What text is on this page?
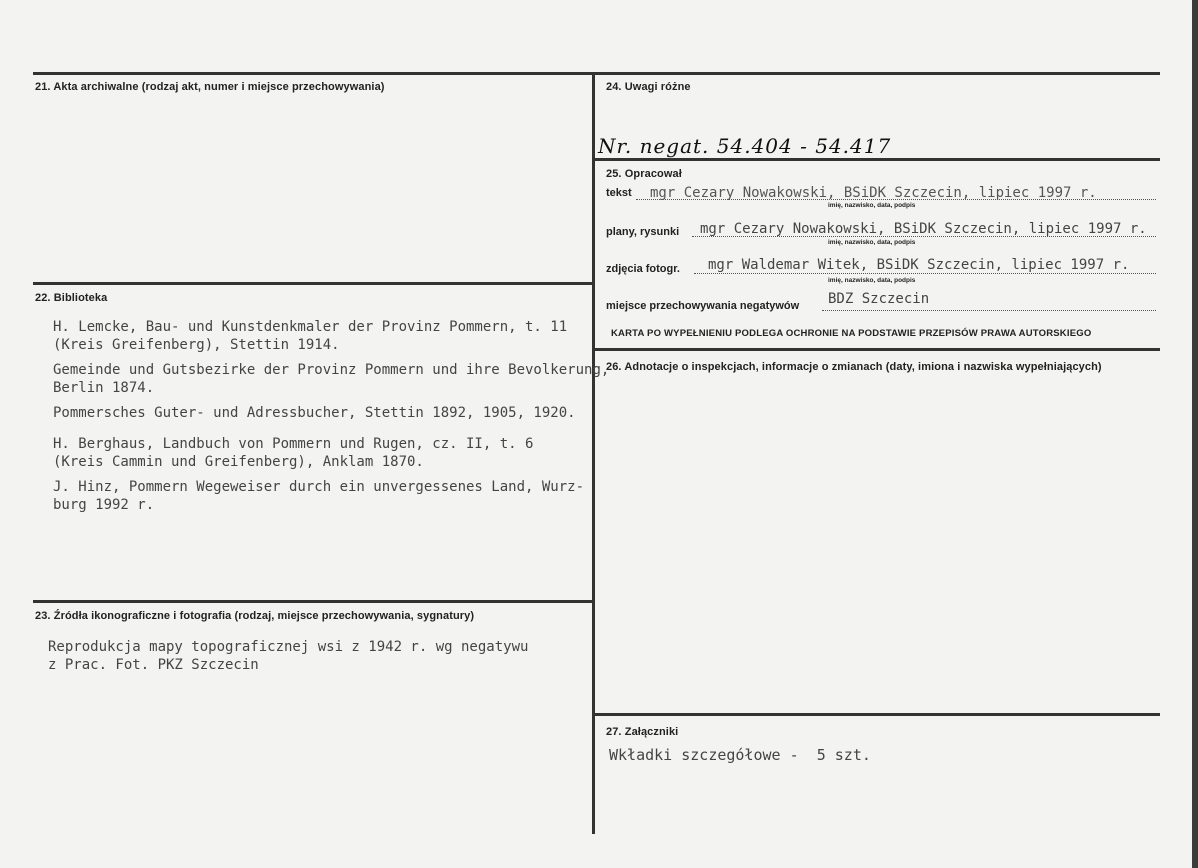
21. Akta archiwalne (rodzaj akt, numer i miejsce przechowywania)
22. Biblioteka
H. Lemcke, Bau- und Kunstdenkmaler der Provinz Pommern, t. 11
(Kreis Greifenberg), Stettin 1914.
Gemeinde und Gutsbezirke der Provinz Pommern und ihre Bevolkerung,
Berlin 1874.
Pommersches Guter- und Adressbucher, Stettin 1892, 1905, 1920.
H. Berghaus, Landbuch von Pommern und Rugen, cz. II, t. 6
(Kreis Cammin und Greifenberg), Anklam 1870.
J. Hinz, Pommern Wegeweiser durch ein unvergessenes Land, Wurz-
burg 1992 r.
23. Źródła ikonograficzne i fotografia (rodzaj, miejsce przechowywania, sygnatury)
Reprodukcja mapy topograficznej wsi z 1942 r. wg negatywu
z Prac. Fot. PKZ Szczecin
24. Uwagi różne
Nr. negat. 54.404 - 54.417
25. Opracował
tekst mgr Cezary Nowakowski, BSiDK Szczecin, lipiec 1997 r.
imię, nazwisko, data, podpis
plany, rysunki mgr Cezary Nowakowski, BSiDK Szczecin, lipiec 1997 r.
imię, nazwisko, data, podpis
zdjęcia fotogr. mgr Waldemar Witek, BSiDK Szczecin, lipiec 1997 r.
imię, nazwisko, data, podpis
miejsce przechowywania negatywów BDZ Szczecin
KARTA PO WYPEŁNIENIU PODLEGA OCHRONIE NA PODSTAWIE PRZEPISÓW PRAWA AUTORSKIEGO
26. Adnotacje o inspekcjach, informacje o zmianach (daty, imiona i nazwiska wypełniających)
27. Załączniki
Wkładki szczegółowe -  5 szt.
